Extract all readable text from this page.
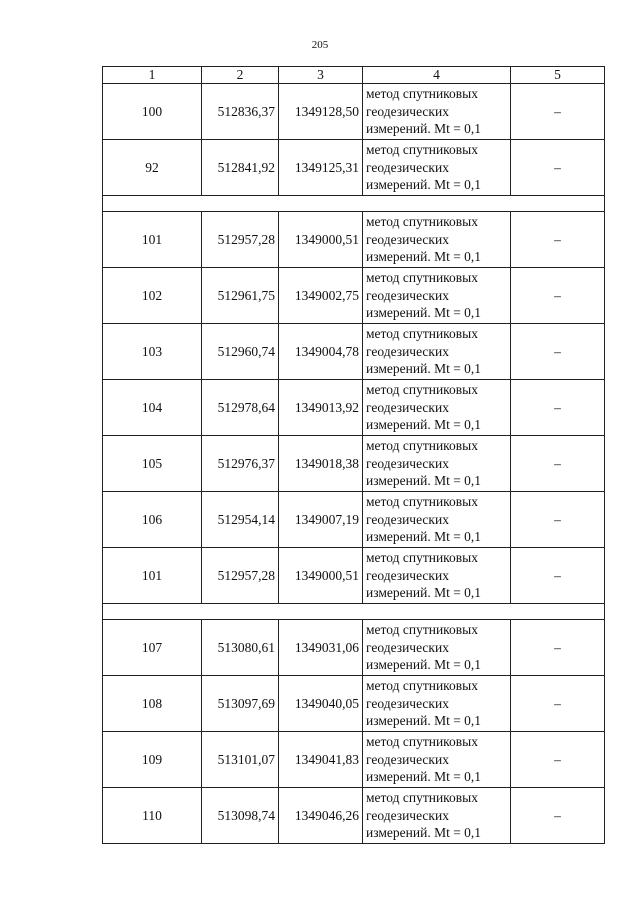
205
1	2	3	4	5
100	512836,37	1349128,50	метод спутниковых
геодезических
измерений. Mt = 0,1	–
92	512841,92	1349125,31	метод спутниковых
геодезических
измерений. Mt = 0,1	–

101	512957,28	1349000,51	метод спутниковых
геодезических
измерений. Mt = 0,1	–
102	512961,75	1349002,75	метод спутниковых
геодезических
измерений. Mt = 0,1	–
103	512960,74	1349004,78	метод спутниковых
геодезических
измерений. Mt = 0,1	–
104	512978,64	1349013,92	метод спутниковых
геодезических
измерений. Mt = 0,1	–
105	512976,37	1349018,38	метод спутниковых
геодезических
измерений. Mt = 0,1	–
106	512954,14	1349007,19	метод спутниковых
геодезических
измерений. Mt = 0,1	–
101	512957,28	1349000,51	метод спутниковых
геодезических
измерений. Mt = 0,1	–

107	513080,61	1349031,06	метод спутниковых
геодезических
измерений. Mt = 0,1	–
108	513097,69	1349040,05	метод спутниковых
геодезических
измерений. Mt = 0,1	–
109	513101,07	1349041,83	метод спутниковых
геодезических
измерений. Mt = 0,1	–
110	513098,74	1349046,26	метод спутниковых
геодезических
измерений. Mt = 0,1	–
